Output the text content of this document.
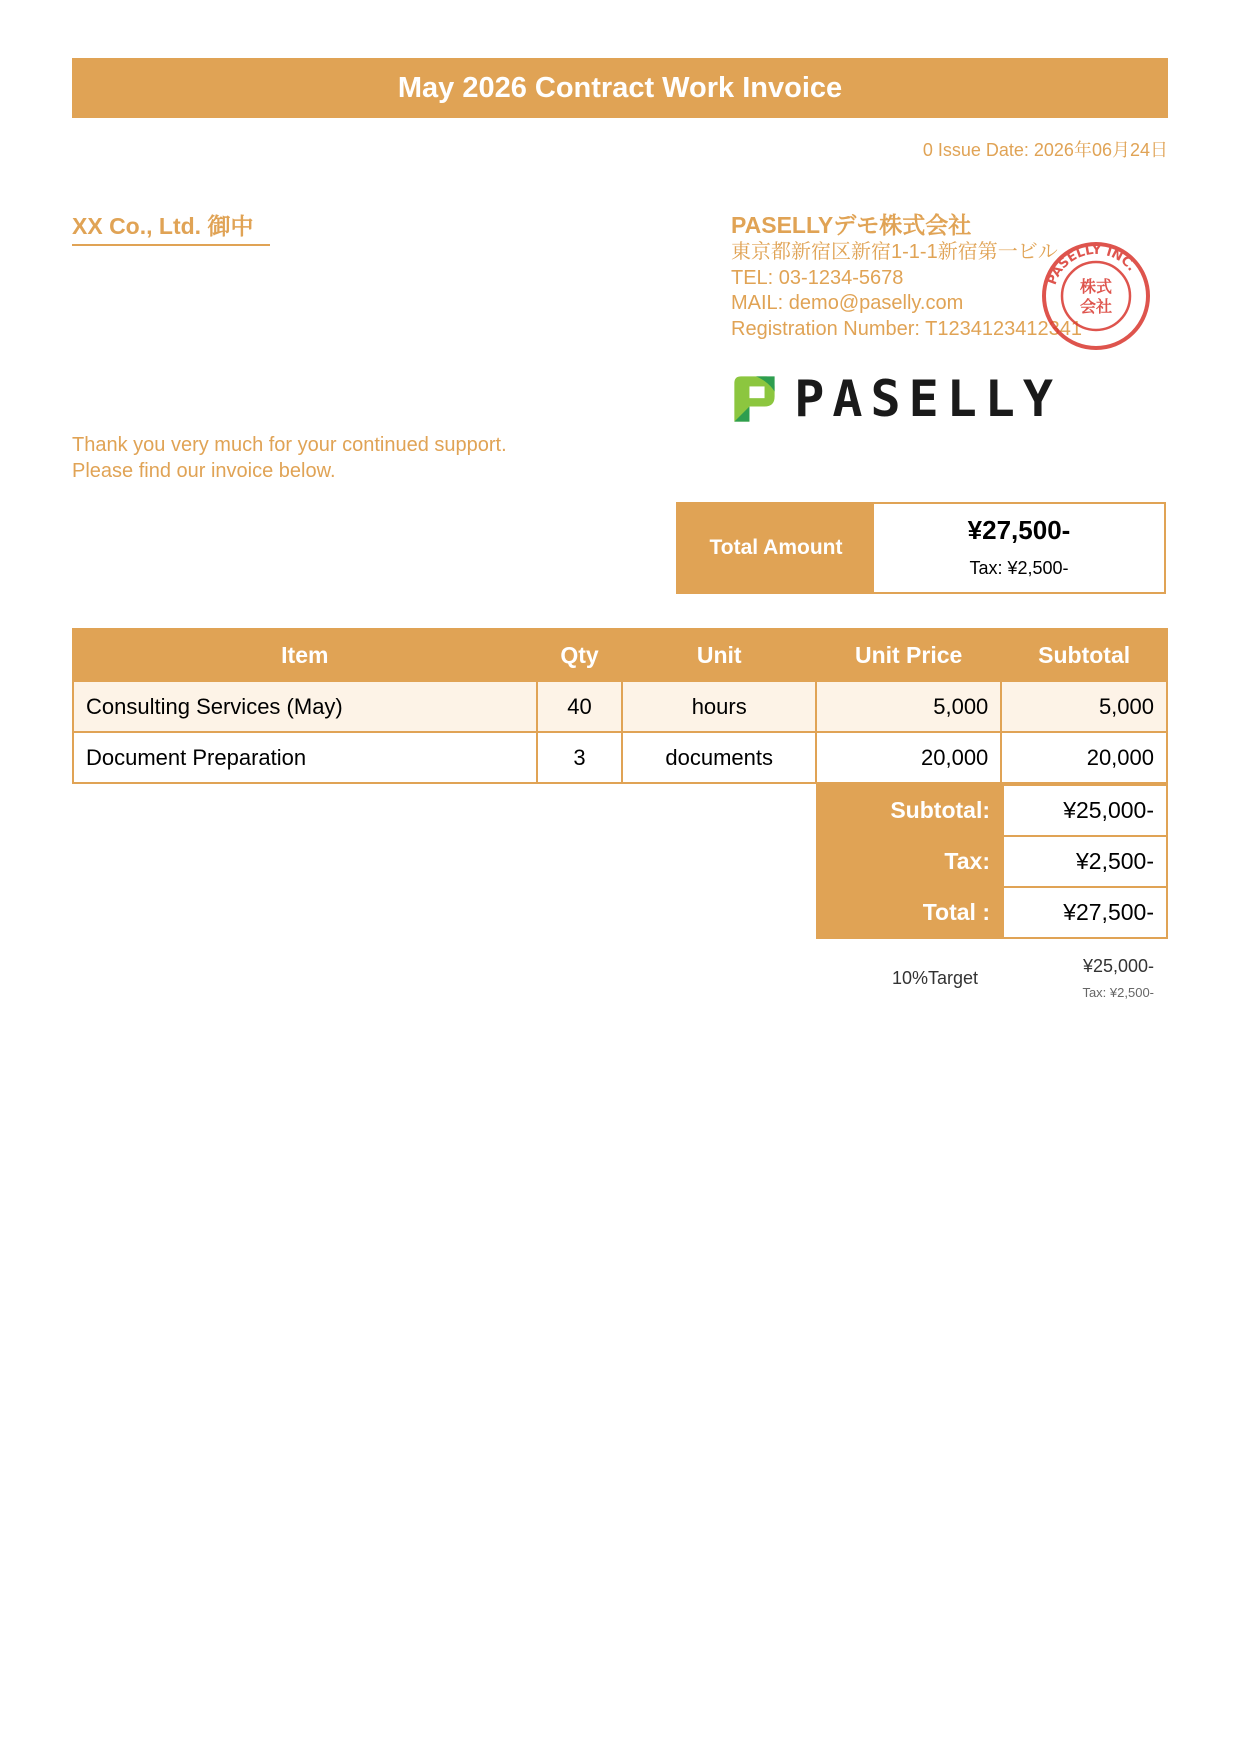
May 2026 Contract Work Invoice
0 Issue Date: 2026年06月24日
XX Co., Ltd. 御中	PASELLYデモ株式会社
東京都新宿区新宿1-1-1新宿第一ビル
TEL: 03-1234-5678
MAIL: demo@paselly.com
Registration Number: T1234123412341
PASELLY INC.
株式
会社
PASELLY
Thank you very much for your continued support.
Please find our invoice below.
Total Amount
¥27,500-
Tax: ¥2,500-
Item	Qty	Unit	Unit Price	Subtotal
Consulting Services (May)	40	hours	5,000	5,000
Document Preparation	3	documents	20,000	20,000
Subtotal:	¥25,000-
Tax:	¥2,500-
Total :	¥27,500-
10%Target
¥25,000-
Tax: ¥2,500-
